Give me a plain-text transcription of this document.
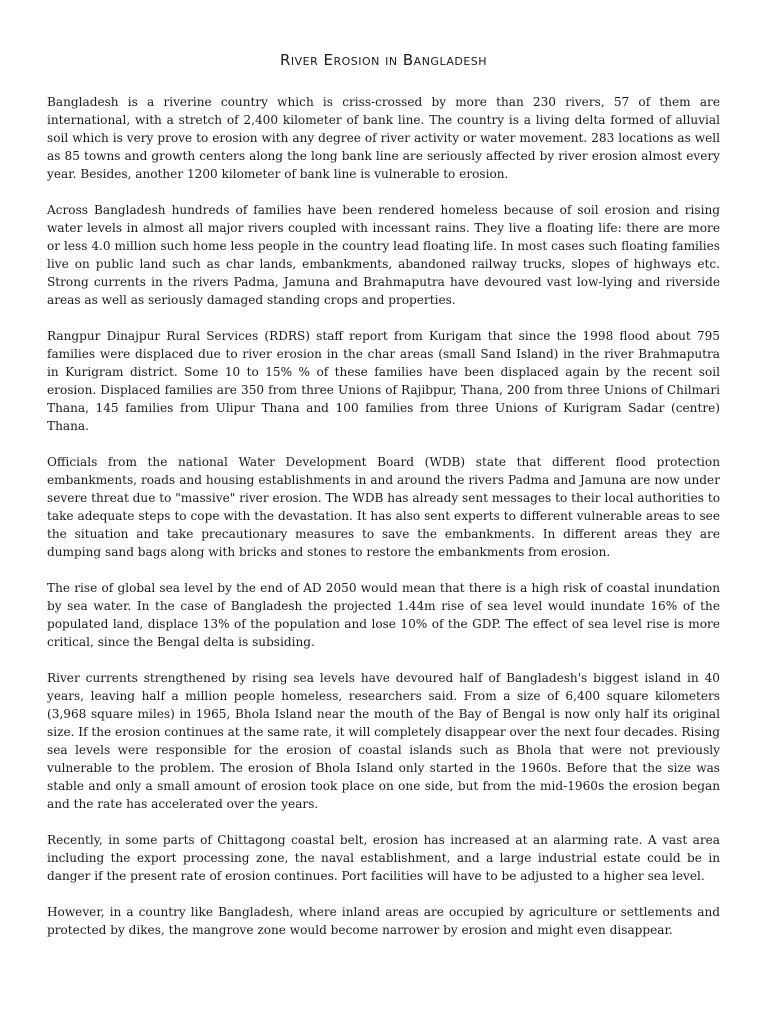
River Erosion in Bangladesh

Bangladesh is a riverine country which is criss-crossed by more than 230 rivers, 57 of them are international, with a stretch of 2,400 kilometer of bank line. The country is a living delta formed of alluvial soil which is very prove to erosion with any degree of river activity or water movement. 283 locations as well as 85 towns and growth centers along the long bank line are seriously affected by river erosion almost every year. Besides, another 1200 kilometer of bank line is vulnerable to erosion.

Across Bangladesh hundreds of families have been rendered homeless because of soil erosion and rising water levels in almost all major rivers coupled with incessant rains. They live a floating life: there are more or less 4.0 million such home less people in the country lead floating life. In most cases such floating families live on public land such as char lands, embankments, abandoned railway trucks, slopes of highways etc. Strong currents in the rivers Padma, Jamuna and Brahmaputra have devoured vast low-lying and riverside areas as well as seriously damaged standing crops and properties.

Rangpur Dinajpur Rural Services (RDRS) staff report from Kurigam that since the 1998 flood about 795 families were displaced due to river erosion in the char areas (small Sand Island) in the river Brahmaputra in Kurigram district. Some 10 to 15% % of these families have been displaced again by the recent soil erosion. Displaced families are 350 from three Unions of Rajibpur, Thana, 200 from three Unions of Chilmari Thana, 145 families from Ulipur Thana and 100 families from three Unions of Kurigram Sadar (centre) Thana.

Officials from the national Water Development Board (WDB) state that different flood protection embankments, roads and housing establishments in and around the rivers Padma and Jamuna are now under severe threat due to "massive" river erosion. The WDB has already sent messages to their local authorities to take adequate steps to cope with the devastation. It has also sent experts to different vulnerable areas to see the situation and take precautionary measures to save the embankments. In different areas they are dumping sand bags along with bricks and stones to restore the embankments from erosion.

The rise of global sea level by the end of AD 2050 would mean that there is a high risk of coastal inundation by sea water. In the case of Bangladesh the projected 1.44m rise of sea level would inundate 16% of the populated land, displace 13% of the population and lose 10% of the GDP. The effect of sea level rise is more critical, since the Bengal delta is subsiding.

River currents strengthened by rising sea levels have devoured half of Bangladesh's biggest island in 40 years, leaving half a million people homeless, researchers said. From a size of 6,400 square kilometers (3,968 square miles) in 1965, Bhola Island near the mouth of the Bay of Bengal is now only half its original size. If the erosion continues at the same rate, it will completely disappear over the next four decades. Rising sea levels were responsible for the erosion of coastal islands such as Bhola that were not previously vulnerable to the problem. The erosion of Bhola Island only started in the 1960s. Before that the size was stable and only a small amount of erosion took place on one side, but from the mid-1960s the erosion began and the rate has accelerated over the years.

Recently, in some parts of Chittagong coastal belt, erosion has increased at an alarming rate. A vast area including the export processing zone, the naval establishment, and a large industrial estate could be in danger if the present rate of erosion continues. Port facilities will have to be adjusted to a higher sea level.

However, in a country like Bangladesh, where inland areas are occupied by agriculture or settlements and protected by dikes, the mangrove zone would become narrower by erosion and might even disappear.
